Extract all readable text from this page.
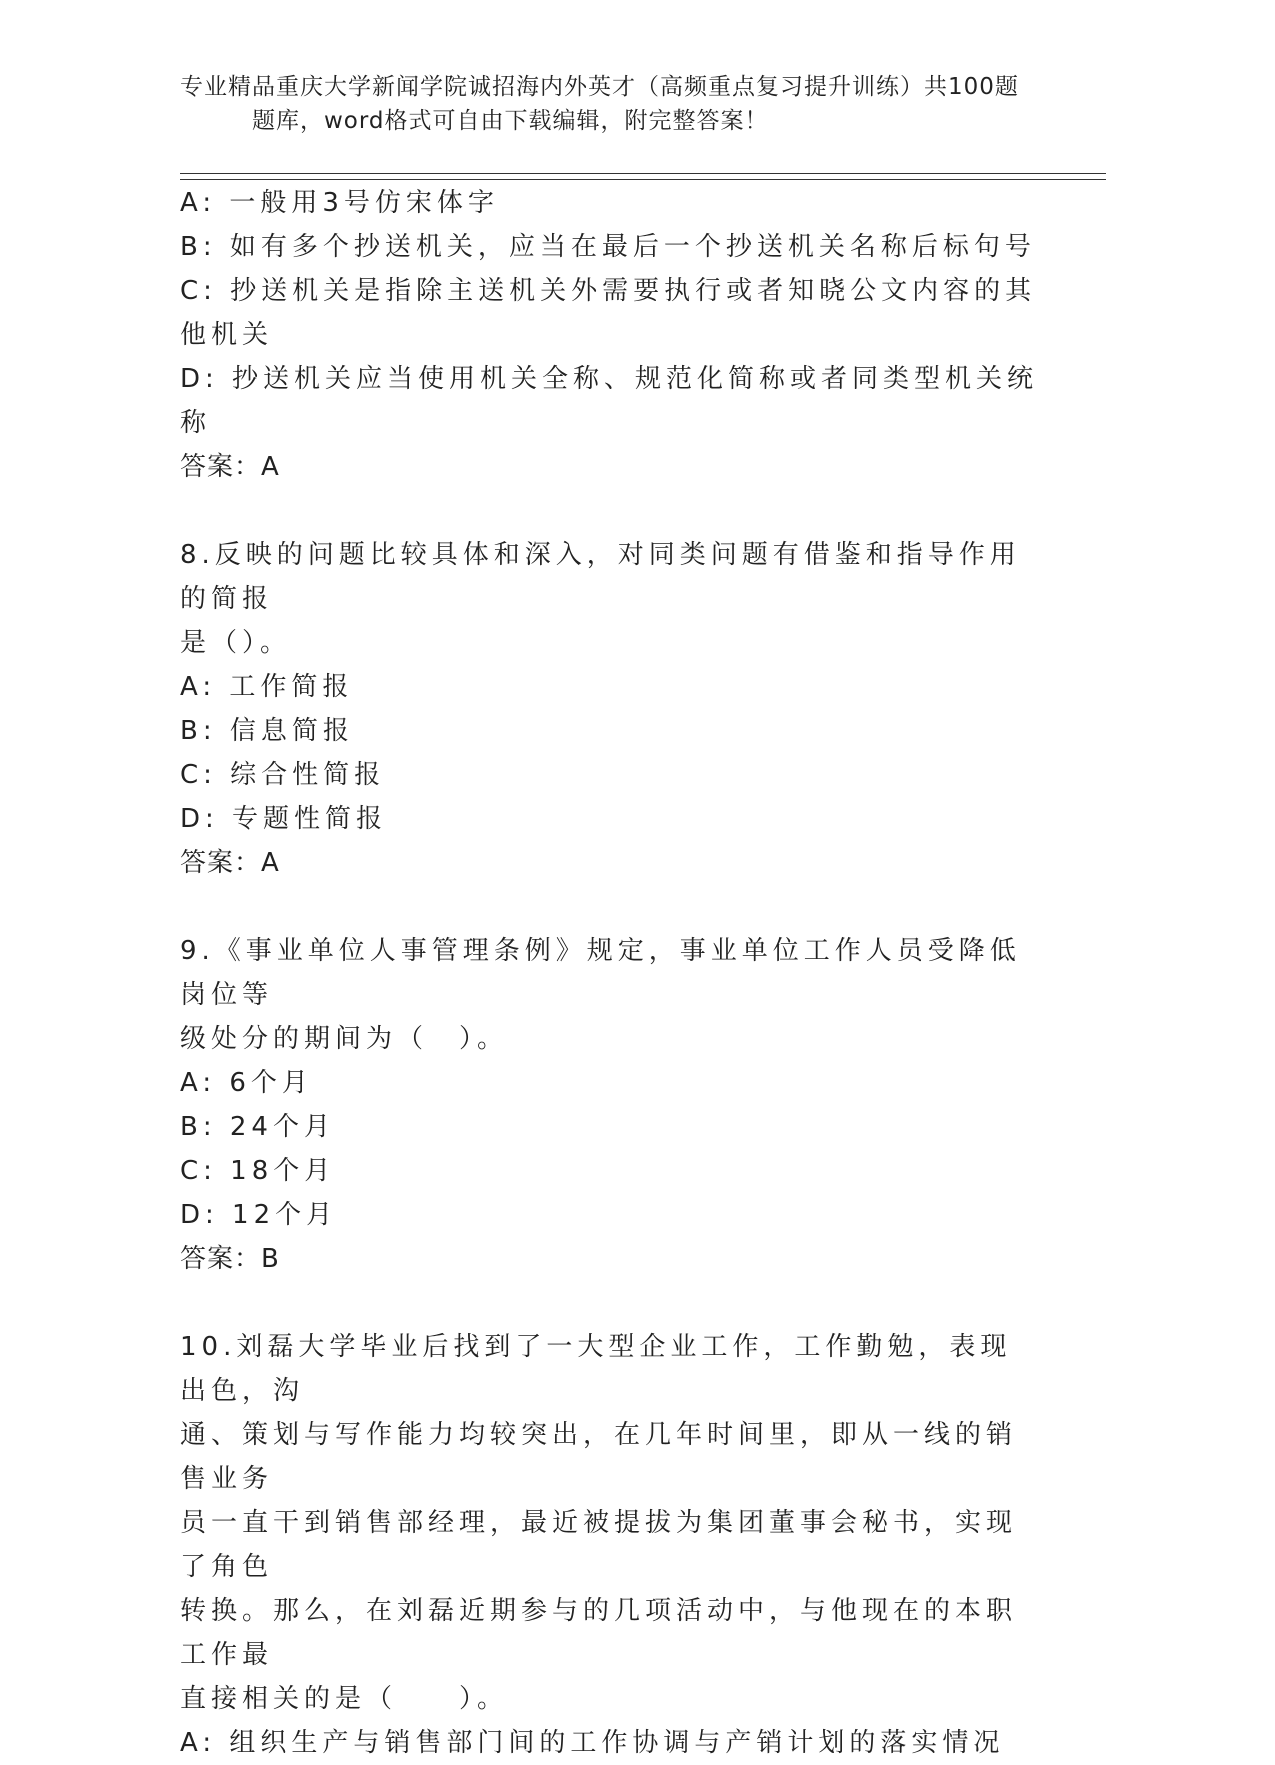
专业精品重庆大学新闻学院诚招海内外英才（高频重点复习提升训练）共100题
题库，word格式可自由下载编辑，附完整答案！

A: 一般用3号仿宋体字

B: 如有多个抄送机关，应当在最后一个抄送机关名称后标句号

C: 抄送机关是指除主送机关外需要执行或者知晓公文内容的其他机关

D: 抄送机关应当使用机关全称、规范化简称或者同类型机关统称

答案：A

8.反映的问题比较具体和深入，对同类问题有借鉴和指导作用的简报

是（）。

A: 工作简报

B: 信息简报

C: 综合性简报

D: 专题性简报

答案：A

9.《事业单位人事管理条例》规定，事业单位工作人员受降低岗位等

级处分的期间为（　）。

A: 6个月

B: 24个月

C: 18个月

D: 12个月

答案：B

10.刘磊大学毕业后找到了一大型企业工作，工作勤勉，表现出色，沟

通、策划与写作能力均较突出，在几年时间里，即从一线的销售业务

员一直干到销售部经理，最近被提拔为集团董事会秘书，实现了角色

转换。那么，在刘磊近期参与的几项活动中，与他现在的本职工作最

直接相关的是（　　）。

A: 组织生产与销售部门间的工作协调与产销计划的落实情况
